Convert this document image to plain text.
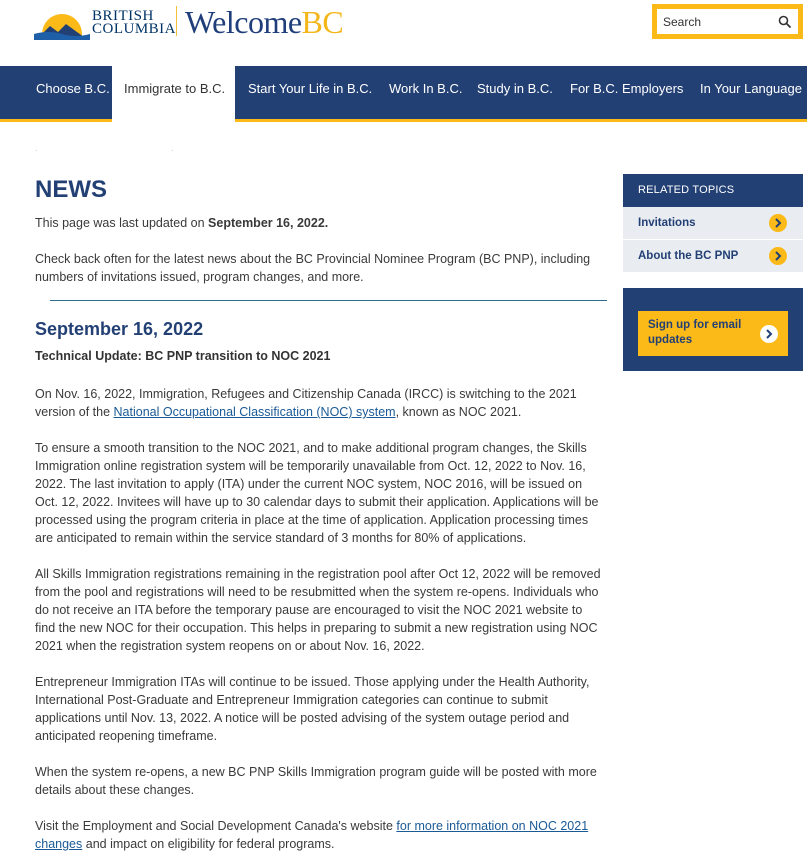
BRITISH
COLUMBIA WelcomeBC
Search
Choose B.C.	Immigrate to B.C.	Start Your Life in B.C. Work In B.C. Study in B.C. For B.C. Employers In Your Language
·                                                            ·
NEWS
This page was last updated on September 16, 2022.
Check back often for the latest news about the BC Provincial Nominee Program (BC PNP), including numbers of invitations issued, program changes, and more.
September 16, 2022
Technical Update: BC PNP transition to NOC 2021
On Nov. 16, 2022, Immigration, Refugees and Citizenship Canada (IRCC) is switching to the 2021 version of the National Occupational Classification (NOC) system, known as NOC 2021.
To ensure a smooth transition to the NOC 2021, and to make additional program changes, the Skills Immigration online registration system will be temporarily unavailable from Oct. 12, 2022 to Nov. 16, 2022. The last invitation to apply (ITA) under the current NOC system, NOC 2016, will be issued on Oct. 12, 2022. Invitees will have up to 30 calendar days to submit their application. Applications will be processed using the program criteria in place at the time of application. Application processing times are anticipated to remain within the service standard of 3 months for 80% of applications.
All Skills Immigration registrations remaining in the registration pool after Oct 12, 2022 will be removed from the pool and registrations will need to be resubmitted when the system re-opens. Individuals who do not receive an ITA before the temporary pause are encouraged to visit the NOC 2021 website to find the new NOC for their occupation. This helps in preparing to submit a new registration using NOC 2021 when the registration system reopens on or about Nov. 16, 2022.
Entrepreneur Immigration ITAs will continue to be issued. Those applying under the Health Authority, International Post-Graduate and Entrepreneur Immigration categories can continue to submit applications until Nov. 13, 2022. A notice will be posted advising of the system outage period and anticipated reopening timeframe.
When the system re-opens, a new BC PNP Skills Immigration program guide will be posted with more details about these changes.
Visit the Employment and Social Development Canada's website for more information on NOC 2021 changes and impact on eligibility for federal programs.
RELATED TOPICS
Invitations
About the BC PNP
Sign up for email updates
